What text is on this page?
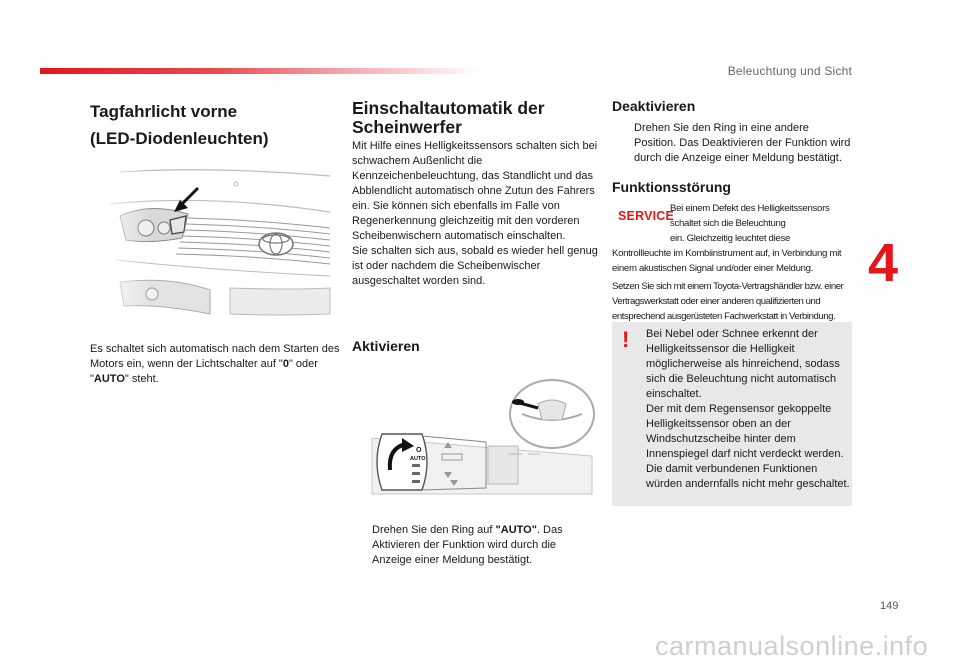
Beleuchtung und Sicht
4
Tagfahrlicht vorne
(LED-Diodenleuchten)

Es schaltet sich automatisch nach dem Starten des Motors ein, wenn der Lichtschalter auf "0" oder "AUTO" steht.

Einschaltautomatik der
Scheinwerfer

Mit Hilfe eines Helligkeitssensors schalten sich bei schwachem Außenlicht die Kennzeichenbeleuchtung, das Standlicht und das Abblendlicht automatisch ohne Zutun des Fahrers ein. Sie können sich ebenfalls im Falle von Regenerkennung gleichzeitig mit den vorderen Scheibenwischern automatisch einschalten.

Sie schalten sich aus, sobald es wieder hell genug ist oder nachdem die Scheibenwischer ausgeschaltet worden sind.

Aktivieren
O
AUTO

Drehen Sie den Ring auf "AUTO". Das Aktivieren der Funktion wird durch die Anzeige einer Meldung bestätigt.

Deaktivieren

Drehen Sie den Ring in eine andere Position. Das Deaktivieren der Funktion wird durch die Anzeige einer Meldung bestätigt.

Funktionsstörung
SERVICE
Bei einem Defekt des Helligkeitssensors
schaltet sich die Beleuchtung
ein. Gleichzeitig leuchtet diese

Kontrollleuchte im Kombiinstrument auf, in Verbindung mit einem akustischen Signal und/oder einer Meldung.

Setzen Sie sich mit einem Toyota-Vertragshändler bzw. einer Vertragswerkstatt oder einer anderen qualifizierten und entsprechend ausgerüsteten Fachwerkstatt in Verbindung.

! Bei Nebel oder Schnee erkennt der Helligkeitssensor die Helligkeit möglicherweise als hinreichend, sodass sich die Beleuchtung nicht automatisch einschaltet.

Der mit dem Regensensor gekoppelte Helligkeitssensor oben an der Windschutzscheibe hinter dem Innenspiegel darf nicht verdeckt werden. Die damit verbundenen Funktionen würden andernfalls nicht mehr geschaltet.

149
carmanualsonline.info
